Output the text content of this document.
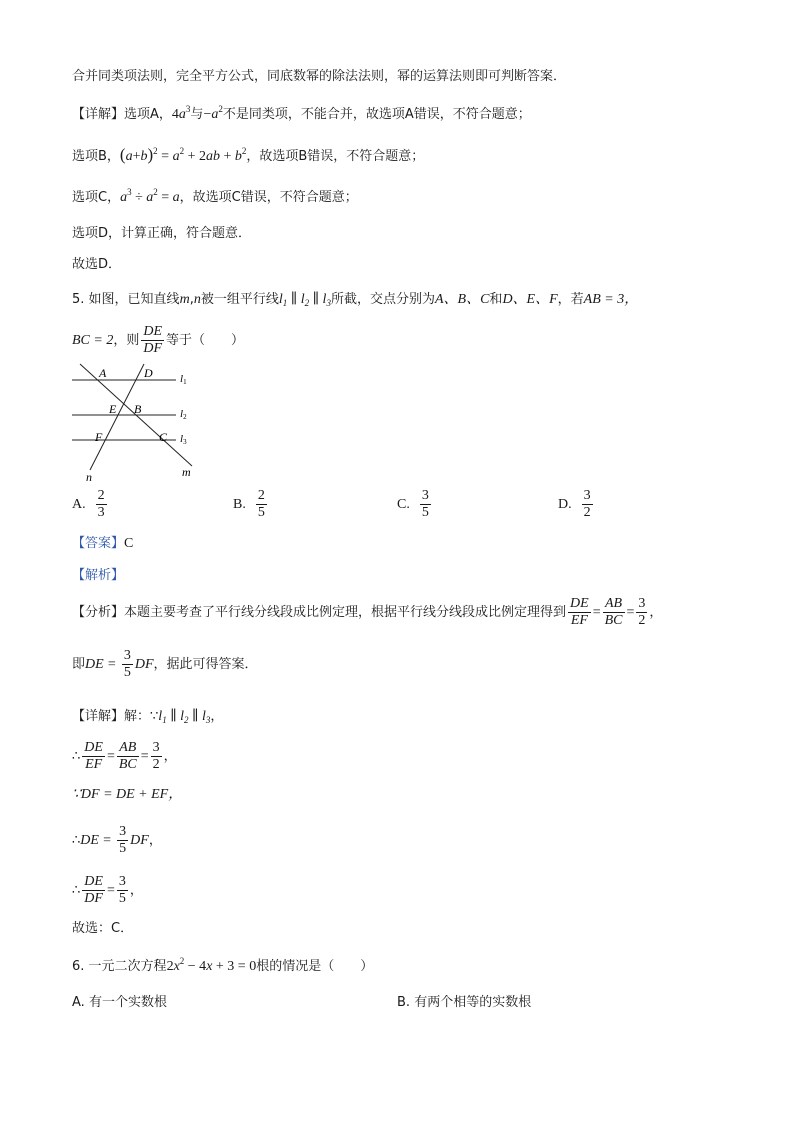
合并同类项法则，完全平方公式，同底数幂的除法法则，幂的运算法则即可判断答案．
【详解】选项A，$4a^3$与$-a^2$不是同类项，不能合并，故选项A错误，不符合题意；
选项B，$(a+b)^2 = a^2 + 2ab + b^2$，故选项B错误，不符合题意；
选项C，$a^3 \div a^2 = a$，故选项C错误，不符合题意；
选项D，计算正确，符合题意．
故选D．
5. 如图，已知直线m,n被一组平行线$l_1$ ∥ $l_2$ ∥ $l_3$所截，交点分别为A、B、C和D、E、F，若AB = 3，
BC = 2，则 $\frac{DE}{DF}$ 等于（　　）
A	D l1
E B	l2
F	C l3
n	m
A. $\frac{2}{3}$	B. $\frac{2}{5}$	C. $\frac{3}{5}$	D. $\frac{3}{2}$
【答案】C
【解析】
【分析】本题主要考查了平行线分线段成比例定理，根据平行线分线段成比例定理得到 $\frac{DE}{EF} = \frac{AB}{BC} = \frac{3}{2}$ ，
即DE = $\frac{3}{5}$ DF，据此可得答案．
【详解】解：$\because l_1$ ∥ $l_2$ ∥ $l_3$，
∴ $\frac{DE}{EF} = \frac{AB}{BC} = \frac{3}{2}$ ，
∵DF = DE + EF，
∴DE = $\frac{3}{5}$ DF，
∴ $\frac{DE}{DF} = \frac{3}{5}$ ，
故选：C．
6. 一元二次方程$2x^2 - 4x + 3 = 0$根的情况是（　　）
A. 有一个实数根	B. 有两个相等的实数根
